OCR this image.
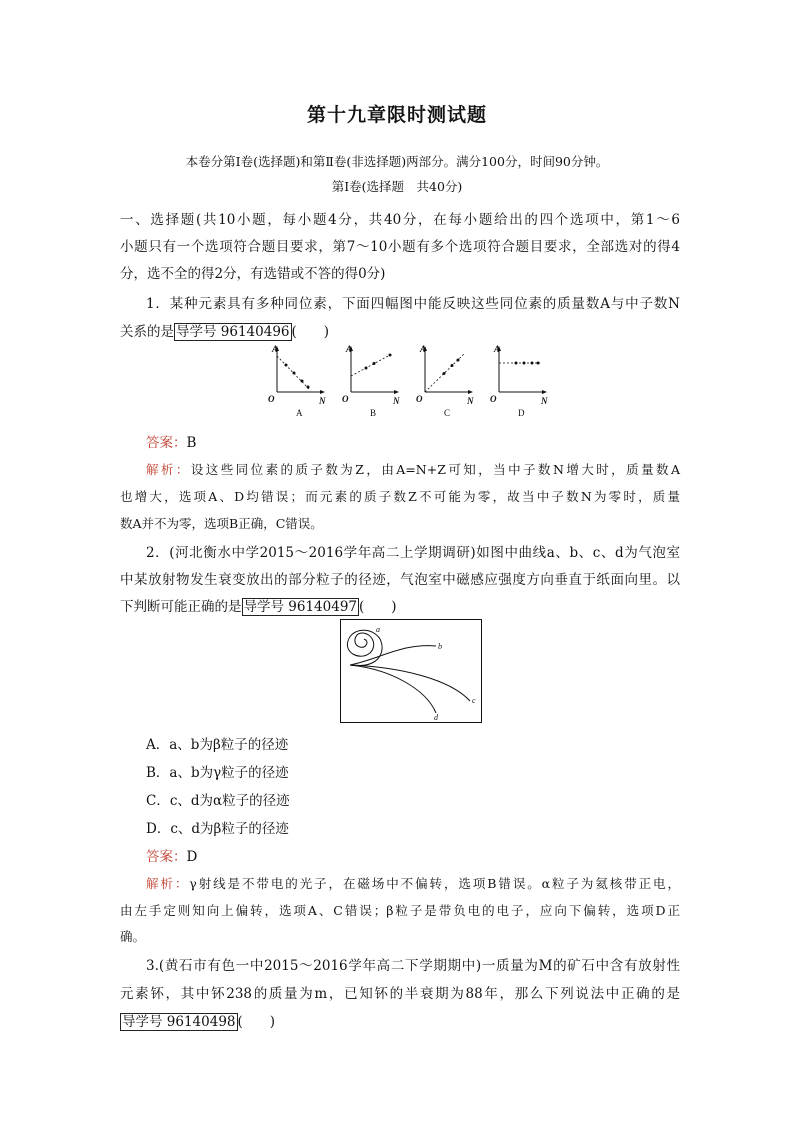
第十九章限时测试题
本卷分第Ⅰ卷(选择题)和第Ⅱ卷(非选择题)两部分。满分100分，时间90分钟。
第Ⅰ卷(选择题　共40分)
一、选择题(共10小题，每小题4分，共40分，在每小题给出的四个选项中，第1～6
小题只有一个选项符合题目要求，第7～10小题有多个选项符合题目要求，全部选对的得4
分，选不全的得2分，有选错或不答的得0分)
1．某种元素具有多种同位素，下面四幅图中能反映这些同位素的质量数A与中子数N
关系的是 导学号 96140496 (　　)
A
O	N
A
A
O	N
B
A
O	N
C
A
O	N
D
答案：B
解析：设这些同位素的质子数为Z，由A=N+Z可知，当中子数N增大时，质量数A
也增大，选项A、D均错误；而元素的质子数Z不可能为零，故当中子数N为零时，质量
数A并不为零，选项B正确，C错误。
2．(河北衡水中学2015～2016学年高二上学期调研)如图中曲线a、b、c、d为气泡室
中某放射物发生衰变放出的部分粒子的径迹，气泡室中磁感应强度方向垂直于纸面向里。以
下判断可能正确的是 导学号 96140497 (　　)
a
b
c
d
A．a、b为β粒子的径迹
B．a、b为γ粒子的径迹
C．c、d为α粒子的径迹
D．c、d为β粒子的径迹
答案：D
解析：γ射线是不带电的光子，在磁场中不偏转，选项B错误。α粒子为氦核带正电，
由左手定则知向上偏转，选项A、C错误；β粒子是带负电的电子，应向下偏转，选项D正
确。
3.(黄石市有色一中2015～2016学年高二下学期期中)一质量为M的矿石中含有放射性
元素钚，其中钚238的质量为m，已知钚的半衰期为88年，那么下列说法中正确的是
导学号 96140498 (　　)
